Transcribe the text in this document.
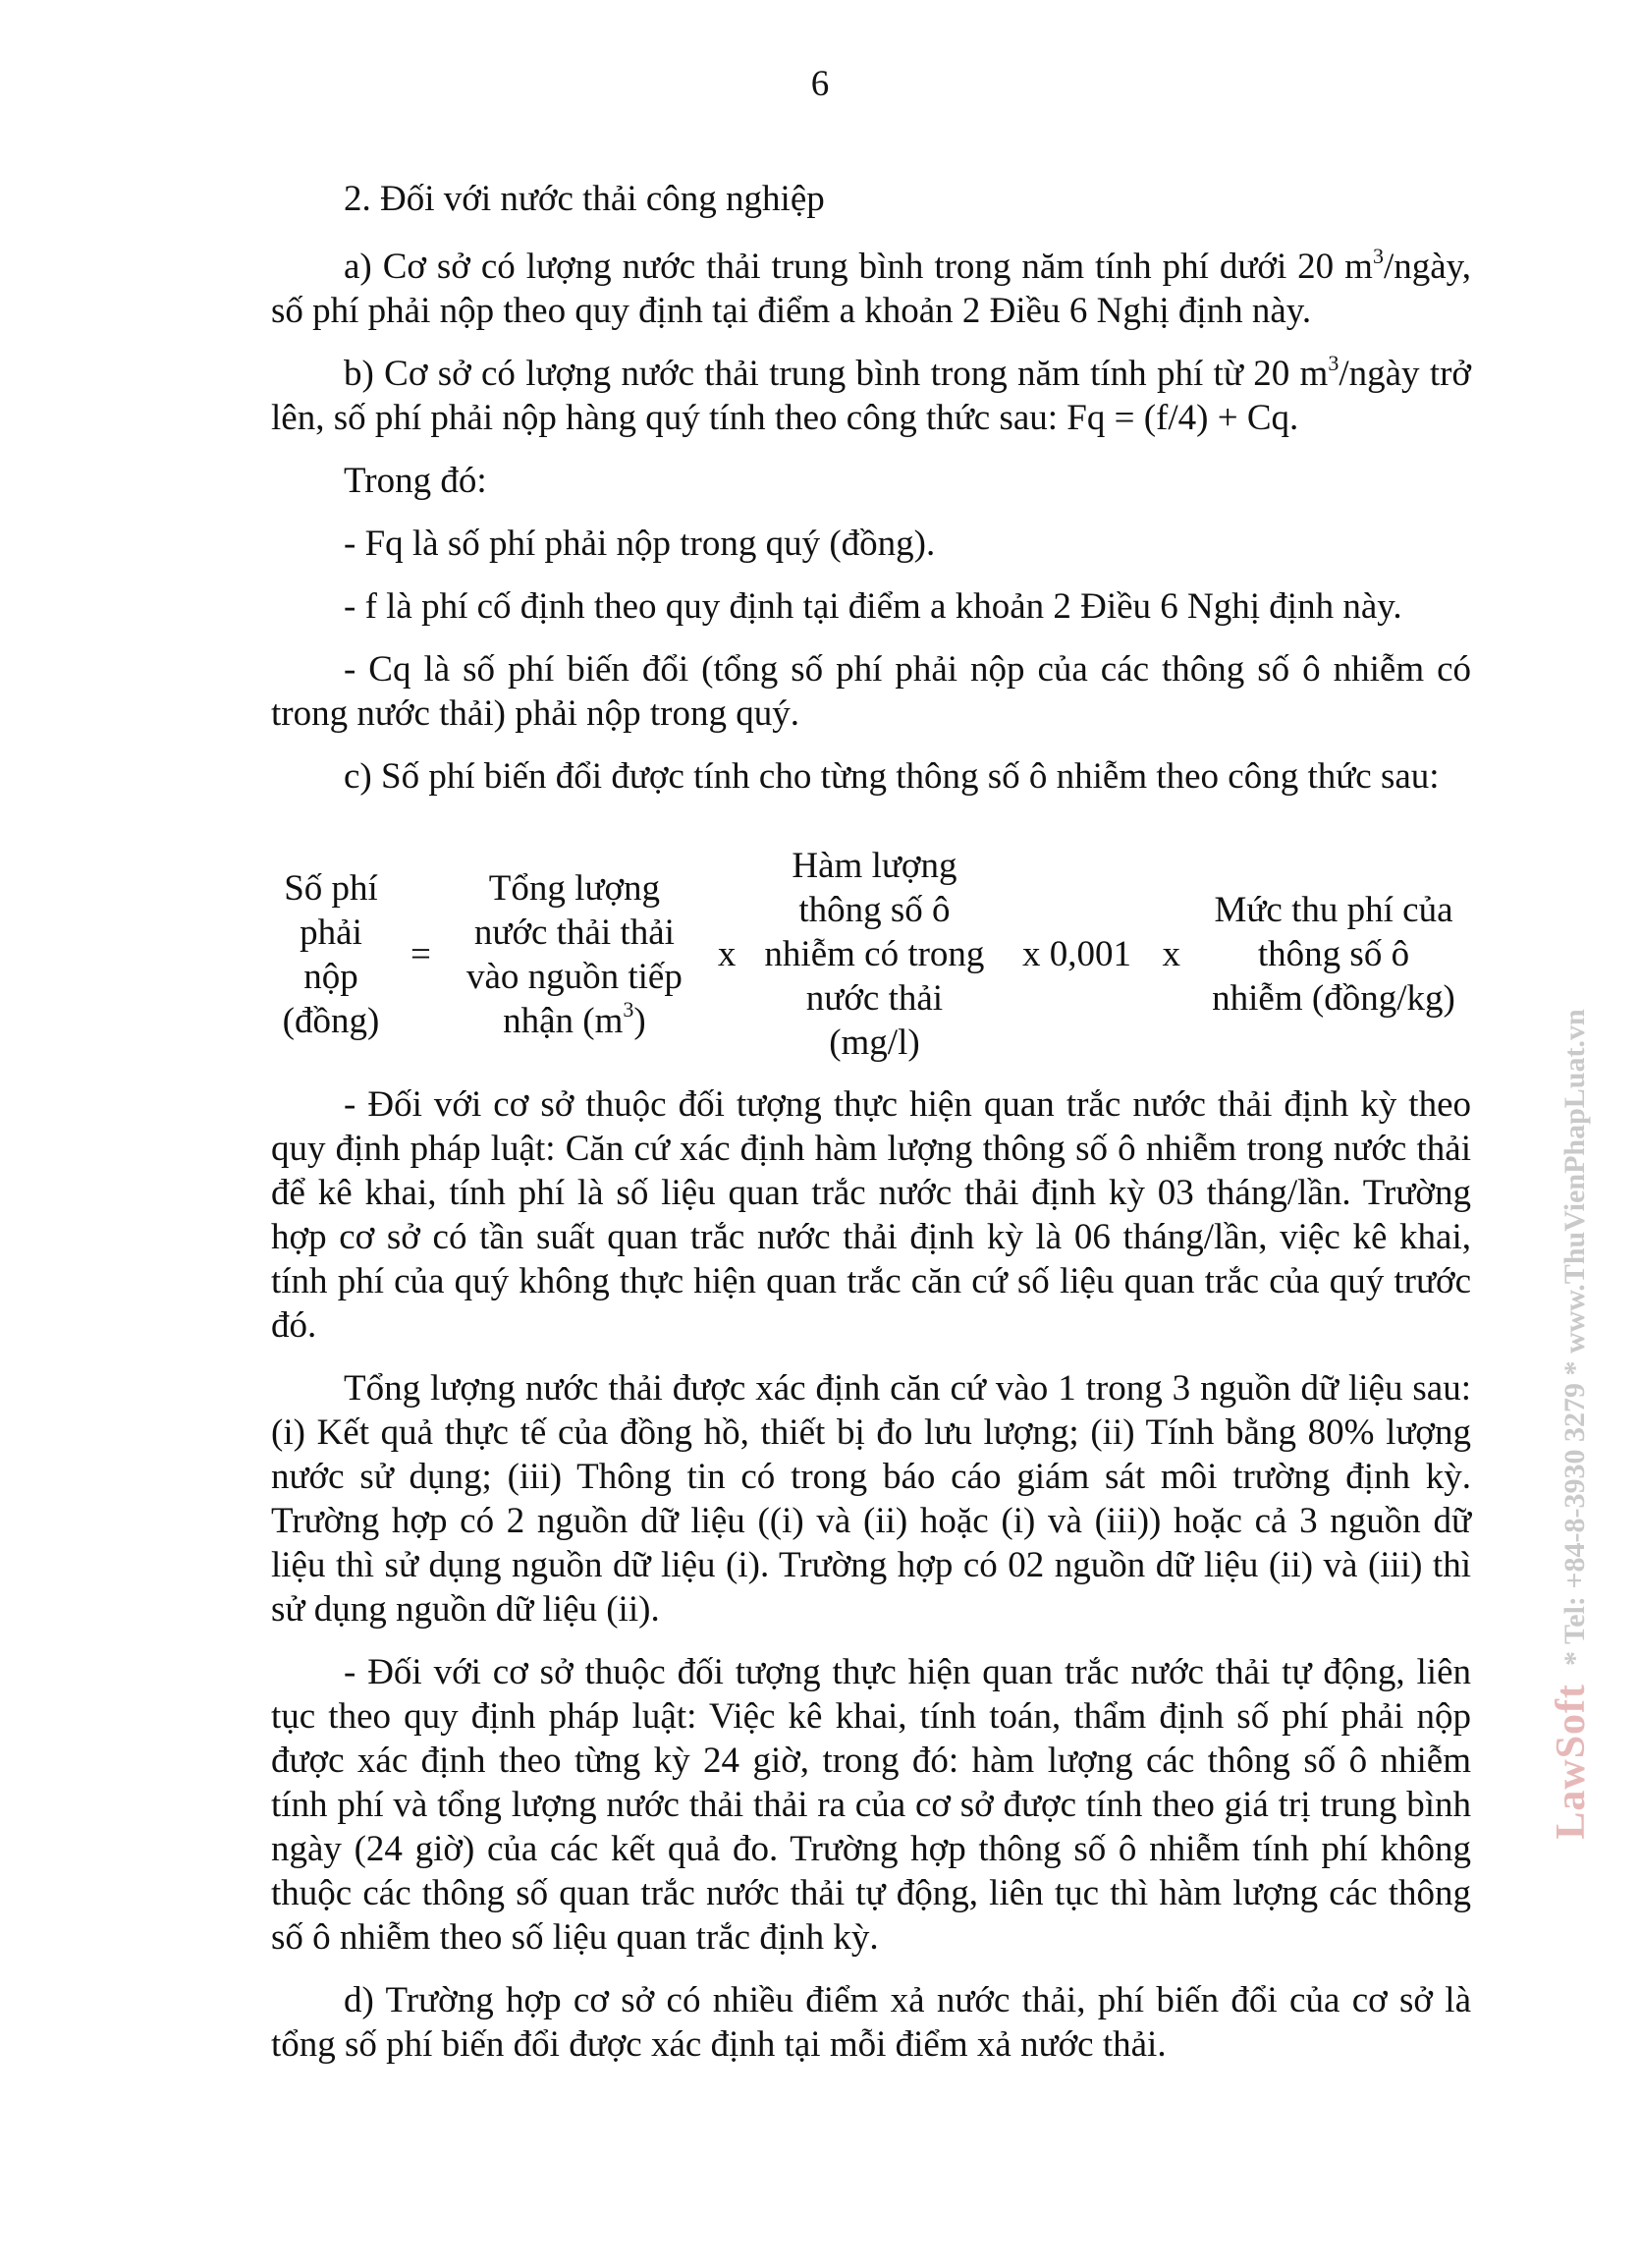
6

2. Đối với nước thải công nghiệp

a) Cơ sở có lượng nước thải trung bình trong năm tính phí dưới 20 $m^3$/ngày, số phí phải nộp theo quy định tại điểm a khoản 2 Điều 6 Nghị định này.

b) Cơ sở có lượng nước thải trung bình trong năm tính phí từ 20 $m^3$/ngày trở lên, số phí phải nộp hàng quý tính theo công thức sau: Fq = (f/4) + Cq.

Trong đó:

- Fq là số phí phải nộp trong quý (đồng).

- f là phí cố định theo quy định tại điểm a khoản 2 Điều 6 Nghị định này.

- Cq là số phí biến đổi (tổng số phí phải nộp của các thông số ô nhiễm có trong nước thải) phải nộp trong quý.

c) Số phí biến đổi được tính cho từng thông số ô nhiễm theo công thức sau:

Số phí
phải
nộp
(đồng)
=
Tổng lượng
nước thải thải
vào nguồn tiếp
nhận $(m^3)$
x
Hàm lượng
thông số ô
nhiễm có trong
nước thải
(mg/l)
x 0,001 x
Mức thu phí của
thông số ô
nhiễm (đồng/kg)

- Đối với cơ sở thuộc đối tượng thực hiện quan trắc nước thải định kỳ theo quy định pháp luật: Căn cứ xác định hàm lượng thông số ô nhiễm trong nước thải để kê khai, tính phí là số liệu quan trắc nước thải định kỳ 03 tháng/lần. Trường hợp cơ sở có tần suất quan trắc nước thải định kỳ là 06 tháng/lần, việc kê khai, tính phí của quý không thực hiện quan trắc căn cứ số liệu quan trắc của quý trước đó.

Tổng lượng nước thải được xác định căn cứ vào 1 trong 3 nguồn dữ liệu sau: (i) Kết quả thực tế của đồng hồ, thiết bị đo lưu lượng; (ii) Tính bằng 80% lượng nước sử dụng; (iii) Thông tin có trong báo cáo giám sát môi trường định kỳ. Trường hợp có 2 nguồn dữ liệu ((i) và (ii) hoặc (i) và (iii)) hoặc cả 3 nguồn dữ liệu thì sử dụng nguồn dữ liệu (i). Trường hợp có 02 nguồn dữ liệu (ii) và (iii) thì sử dụng nguồn dữ liệu (ii).

- Đối với cơ sở thuộc đối tượng thực hiện quan trắc nước thải tự động, liên tục theo quy định pháp luật: Việc kê khai, tính toán, thẩm định số phí phải nộp được xác định theo từng kỳ 24 giờ, trong đó: hàm lượng các thông số ô nhiễm tính phí và tổng lượng nước thải thải ra của cơ sở được tính theo giá trị trung bình ngày (24 giờ) của các kết quả đo. Trường hợp thông số ô nhiễm tính phí không thuộc các thông số quan trắc nước thải tự động, liên tục thì hàm lượng các thông số ô nhiễm theo số liệu quan trắc định kỳ.

d) Trường hợp cơ sở có nhiều điểm xả nước thải, phí biến đổi của cơ sở là tổng số phí biến đổi được xác định tại mỗi điểm xả nước thải.

LawSoft* Tel: +84-8-3930 3279 * www.ThuVienPhapLuat.vn
